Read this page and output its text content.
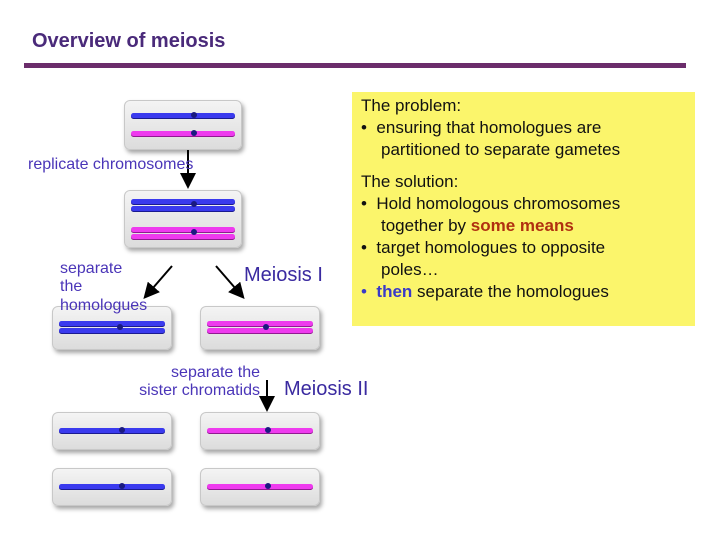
Overview of meiosis
replicate chromosomes
separate
the
homologues
separate the
sister chromatids
Meiosis I
Meiosis II
The problem:
• ensuring that homologues are
partitioned to separate gametes
The solution:
• Hold homologous chromosomes
together by some means
• target homologues to opposite
poles…
• then separate the homologues
